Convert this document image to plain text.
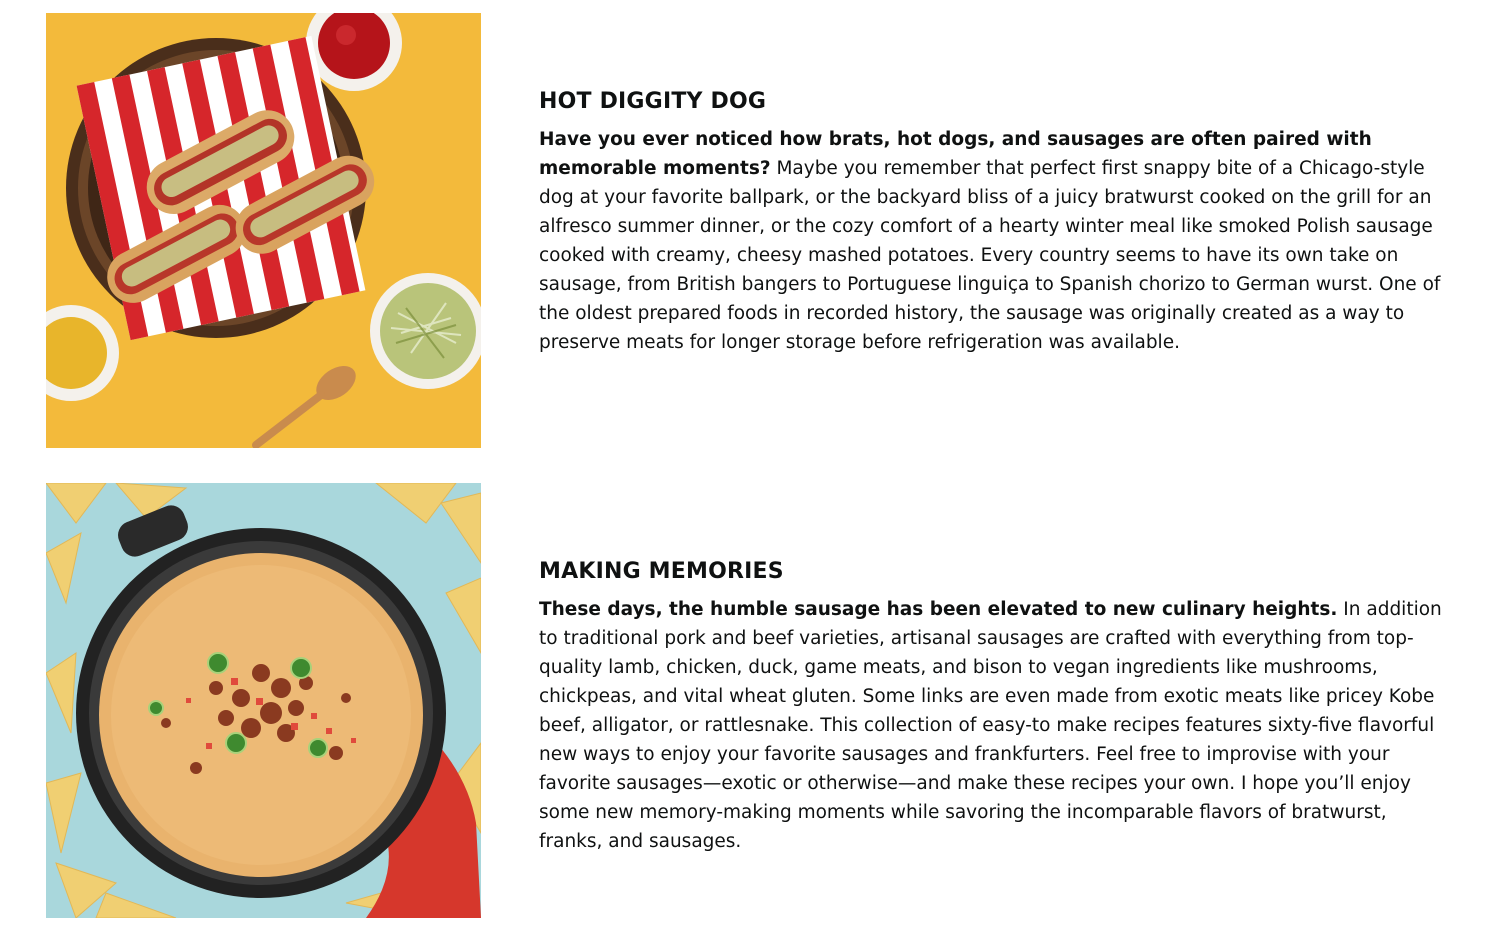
HOT DIGGITY DOG

Have you ever noticed how brats, hot dogs, and sausages are often paired with memorable moments? Maybe you remember that perfect first snappy bite of a Chicago-style dog at your favorite ballpark, or the backyard bliss of a juicy bratwurst cooked on the grill for an alfresco summer dinner, or the cozy comfort of a hearty winter meal like smoked Polish sausage cooked with creamy, cheesy mashed potatoes. Every country seems to have its own take on sausage, from British bangers to Portuguese linguiça to Spanish chorizo to German wurst. One of the oldest prepared foods in recorded history, the sausage was originally created as a way to preserve meats for longer storage before refrigeration was available.

MAKING MEMORIES

These days, the humble sausage has been elevated to new culinary heights. In addition to traditional pork and beef varieties, artisanal sausages are crafted with everything from top-quality lamb, chicken, duck, game meats, and bison to vegan ingredients like mushrooms, chickpeas, and vital wheat gluten. Some links are even made from exotic meats like pricey Kobe beef, alligator, or rattlesnake. This collection of easy-to make recipes features sixty-five flavorful new ways to enjoy your favorite sausages and frankfurters. Feel free to improvise with your favorite sausages—exotic or otherwise—and make these recipes your own. I hope you’ll enjoy some new memory-making moments while savoring the incomparable flavors of bratwurst, franks, and sausages.
